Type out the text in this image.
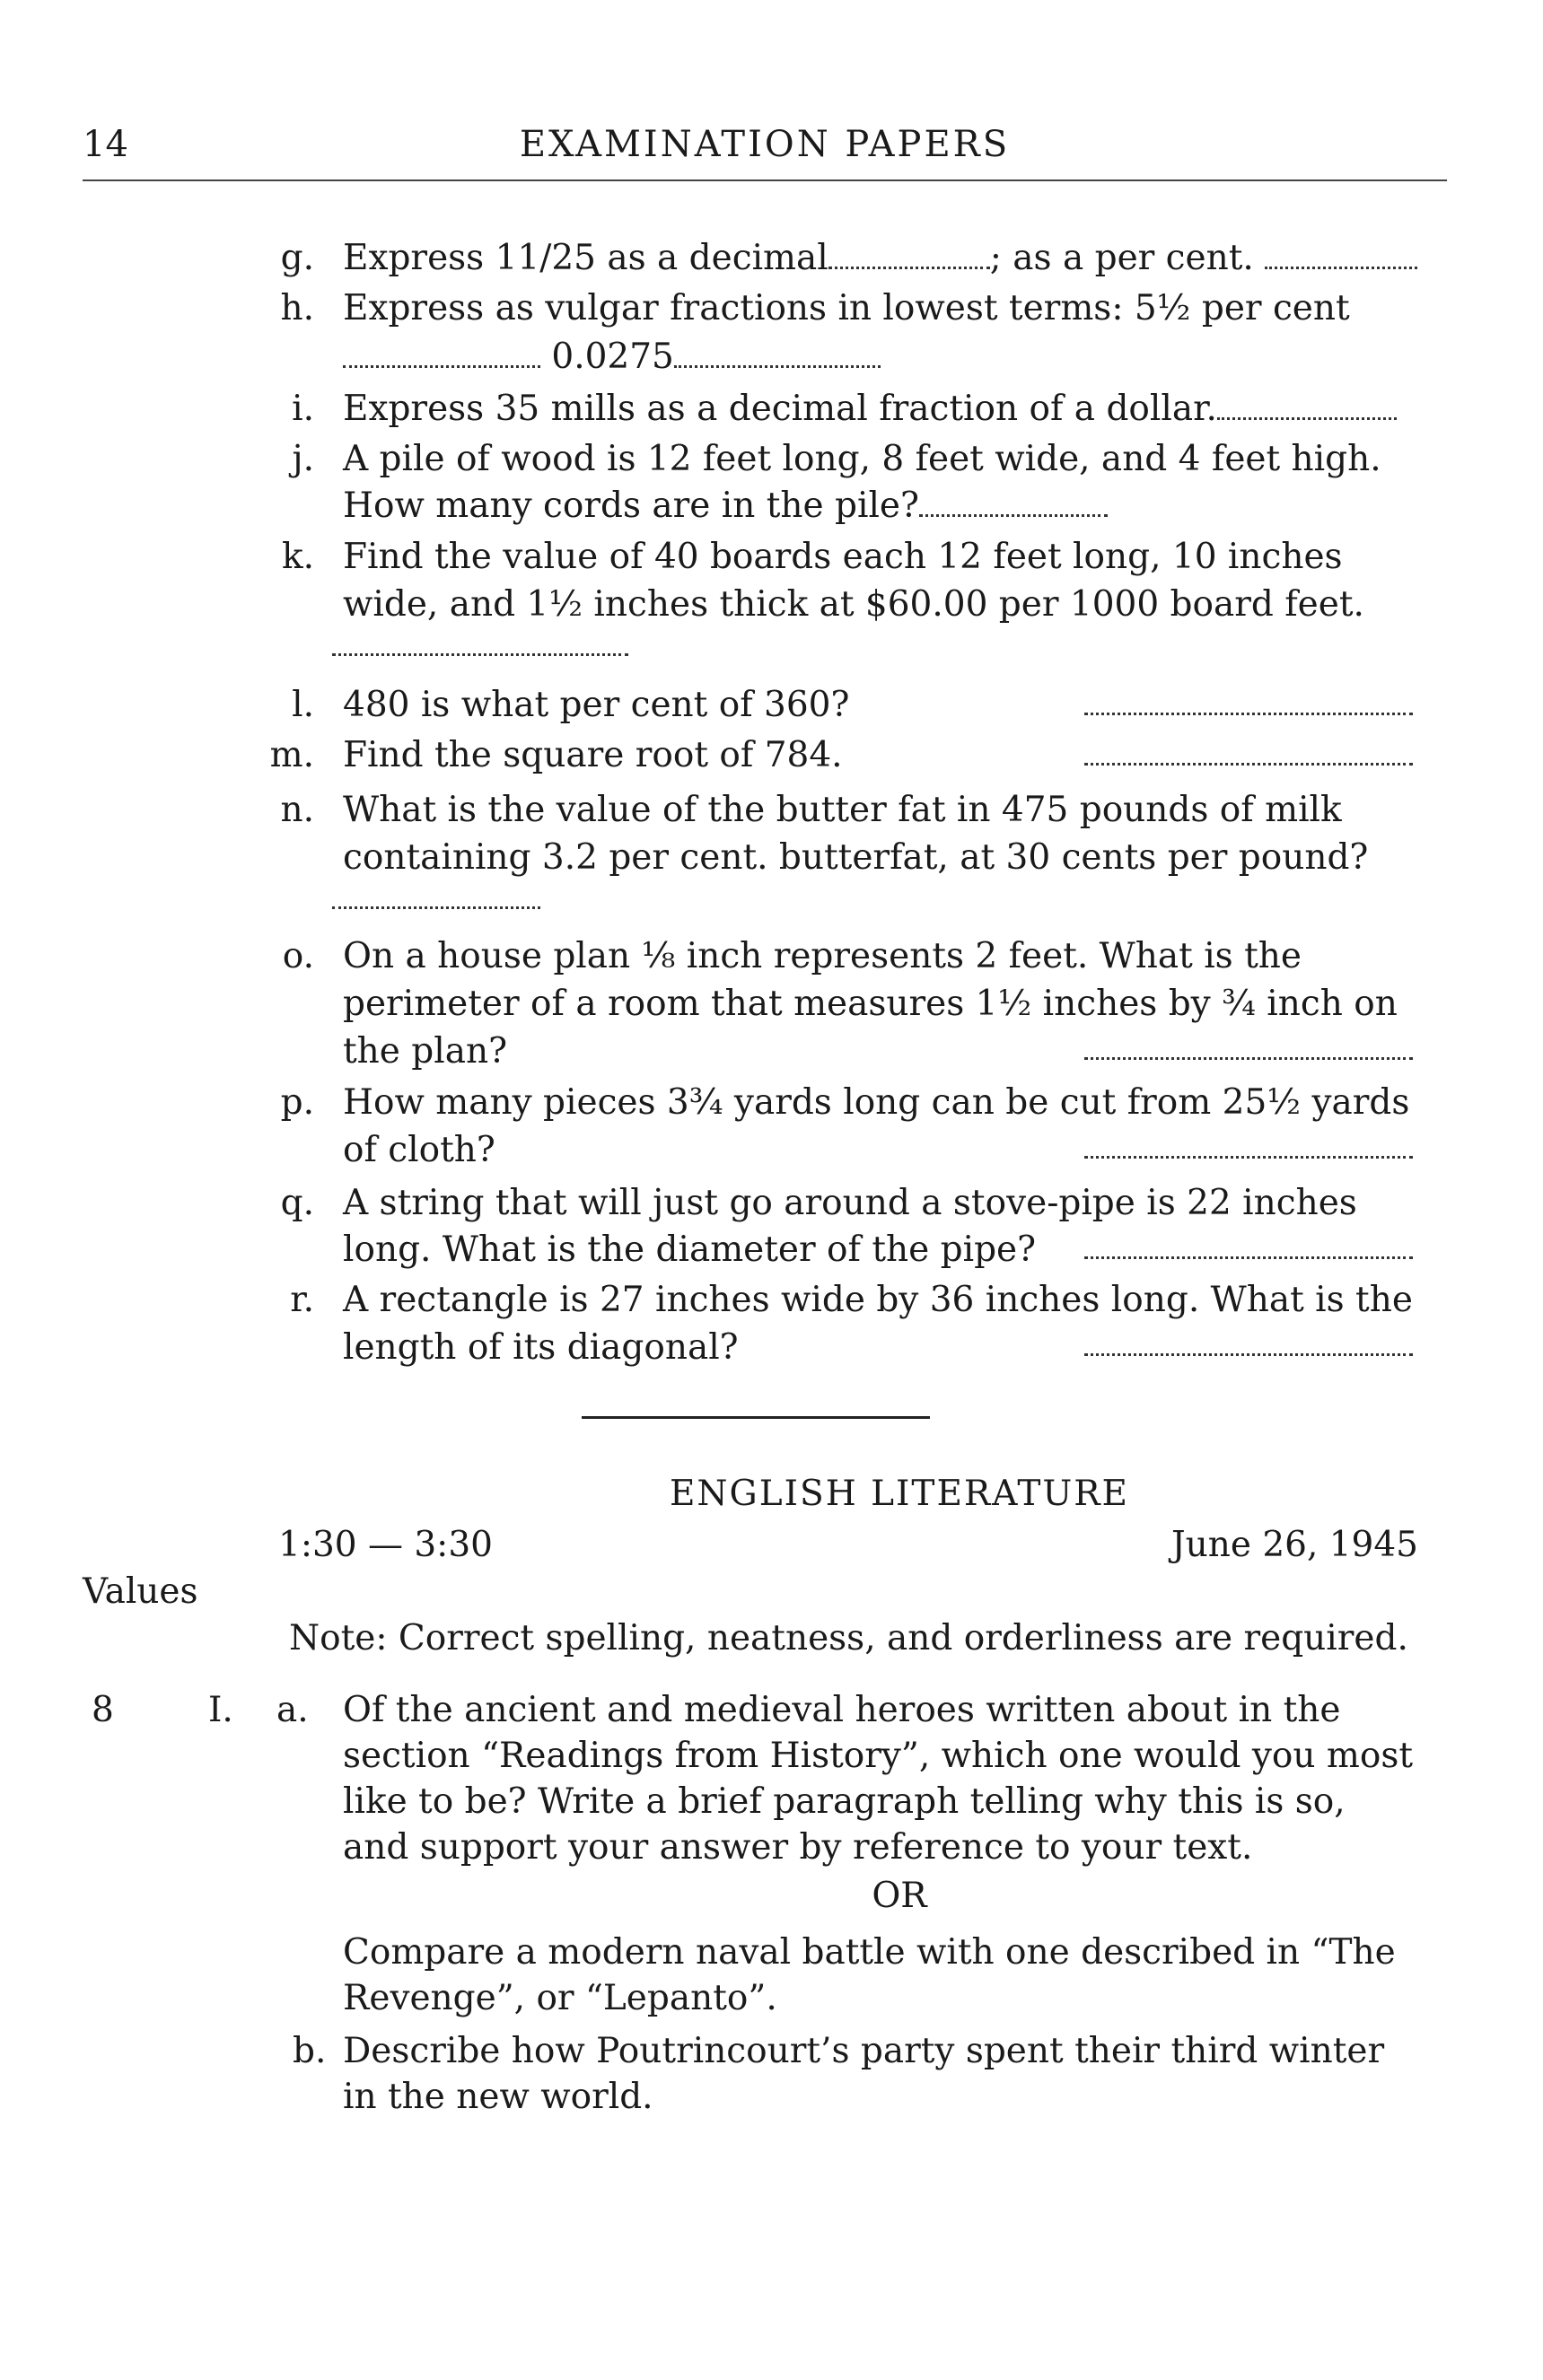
14	EXAMINATION PAPERS
g. Express 11/25 as a decimal	; as a per cent.
h. Express as vulgar fractions in lowest terms: 5½ per cent
0.0275
i. Express 35 mills as a decimal fraction of a dollar.
j. A pile of wood is 12 feet long, 8 feet wide, and 4 feet high.
How many cords are in the pile?
k. Find the value of 40 boards each 12 feet long, 10 inches
wide, and 1½ inches thick at $60.00 per 1000 board feet.
l. 480 is what per cent of 360?
m. Find the square root of 784.
n. What is the value of the butter fat in 475 pounds of milk
containing 3.2 per cent. butterfat, at 30 cents per pound?
o. On a house plan ⅛ inch represents 2 feet. What is the
perimeter of a room that measures 1½ inches by ¾ inch on
the plan?
p. How many pieces 3¾ yards long can be cut from 25½ yards
of cloth?
q. A string that will just go around a stove-pipe is 22 inches
long. What is the diameter of the pipe?
r. A rectangle is 27 inches wide by 36 inches long. What is the
length of its diagonal?
ENGLISH LITERATURE
1:30 — 3:30	June 26, 1945
Values
Note: Correct spelling, neatness, and orderliness are required.
8	I. a. Of the ancient and medieval heroes written about in the
section “Readings from History”, which one would you most
like to be? Write a brief paragraph telling why this is so,
and support your answer by reference to your text.
OR
Compare a modern naval battle with one described in “The
Revenge”, or “Lepanto”.
b. Describe how Poutrincourt’s party spent their third winter
in the new world.
